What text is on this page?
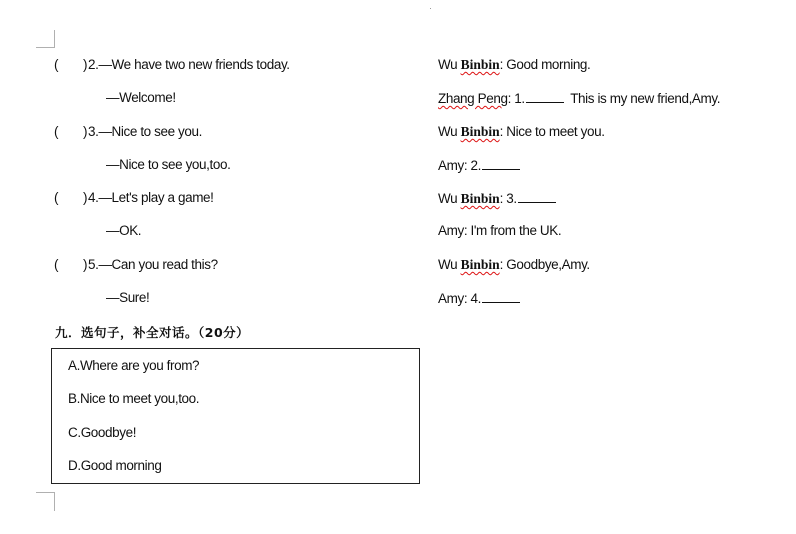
( ) 2.—We have two new friends today.
—Welcome!
( ) 3.—Nice to see you.
—Nice to see you,too.
( ) 4.—Let's play a game!
—OK.
( ) 5.—Can you read this?
—Sure!
九．选句子，补全对话。（20分）
A.Where are you from?
B.Nice to meet you,too.
C.Goodbye!
D.Good morning
Wu Binbin: Good morning.
Zhang Peng: 1.	This is my new friend,Amy.
Wu Binbin: Nice to meet you.
Amy: 2.
Wu Binbin: 3.
Amy: I'm from the UK.
Wu Binbin: Goodbye,Amy.
Amy: 4.
